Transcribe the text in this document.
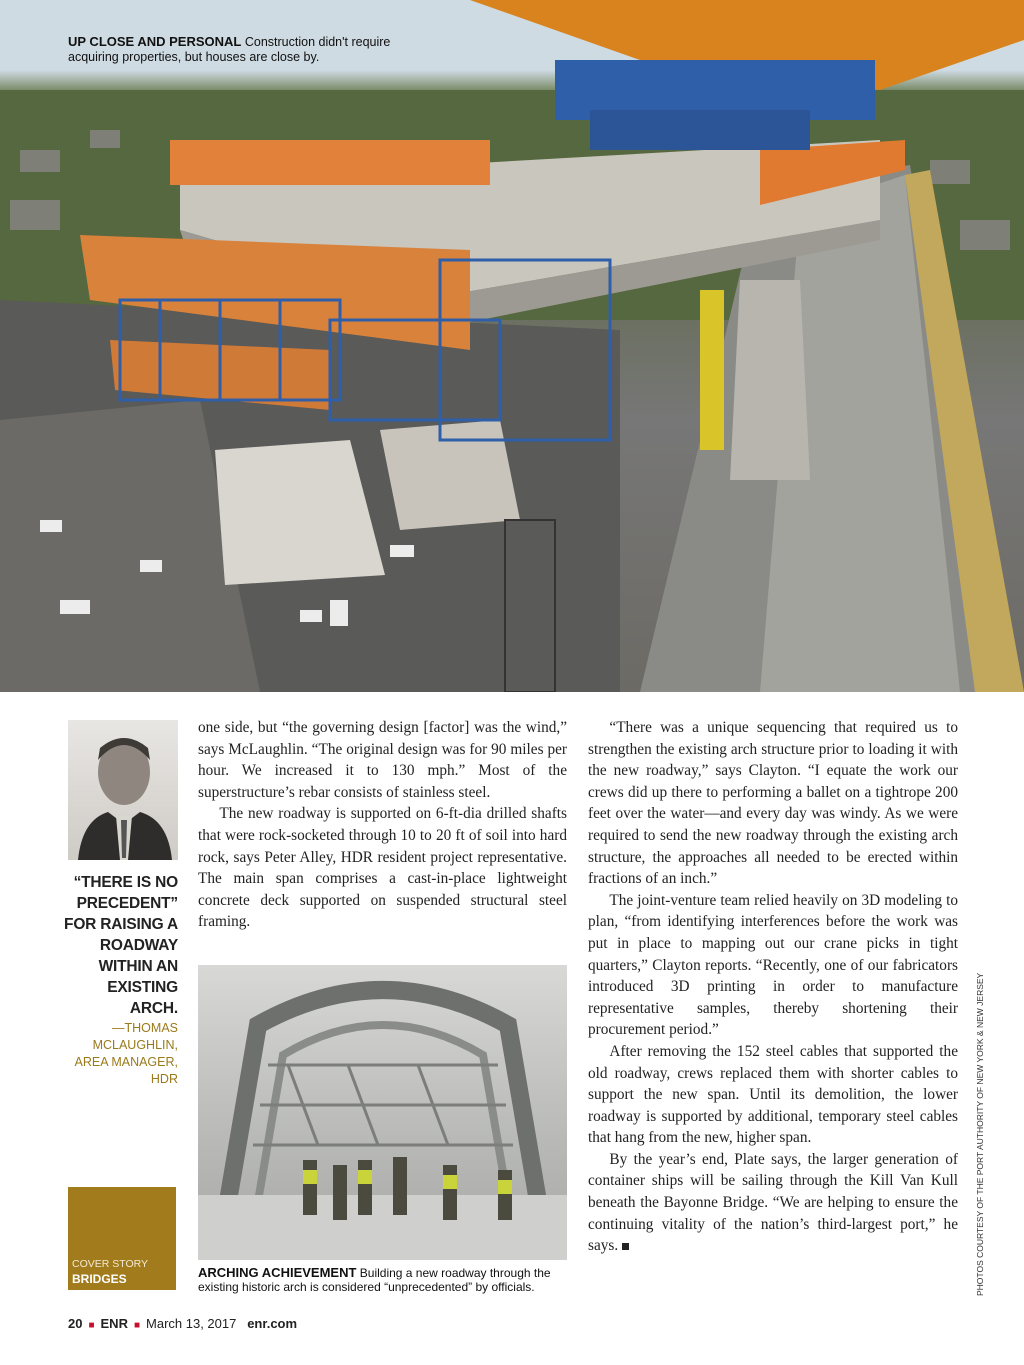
UP CLOSE AND PERSONAL Construction didn't require acquiring properties, but houses are close by.
“THERE IS NO PRECEDENT” FOR RAISING A ROADWAY WITHIN AN EXISTING ARCH.
—THOMAS MCLAUGHLIN, AREA MANAGER, HDR
COVER STORY
BRIDGES

one side, but “the governing design [factor] was the wind,” says McLaughlin. “The original design was for 90 miles per hour. We increased it to 130 mph.” Most of the superstructure’s rebar consists of stainless steel.

The new roadway is supported on 6-ft-dia drilled shafts that were rock-socketed through 10 to 20 ft of soil into hard rock, says Peter Alley, HDR resident project representative. The main span comprises a cast-in-place lightweight concrete deck supported on suspended structural steel framing.

ARCHING ACHIEVEMENT Building a new roadway through the existing historic arch is considered “unprecedented” by officials.

“There was a unique sequencing that required us to strengthen the existing arch structure prior to loading it with the new roadway,” says Clayton. “I equate the work our crews did up there to performing a ballet on a tightrope 200 feet over the water—and every day was windy. As we were required to send the new roadway through the existing arch structure, the approaches all needed to be erected within fractions of an inch.”

The joint-venture team relied heavily on 3D modeling to plan, “from identifying interferences before the work was put in place to mapping out our crane picks in tight quarters,” Clayton reports. “Recently, one of our fabricators introduced 3D printing in order to manufacture representative samples, thereby shortening their procurement period.”

After removing the 152 steel cables that supported the old roadway, crews replaced them with shorter cables to support the new span. Until its demolition, the lower roadway is supported by additional, temporary steel cables that hang from the new, higher span.

By the year’s end, Plate says, the larger generation of container ships will be sailing through the Kill Van Kull beneath the Bayonne Bridge. “We are helping to ensure the continuing vitality of the nation’s third-largest port,” he says.	PHOTOS COURTESY OF THE PORT AUTHORITY OF NEW YORK & NEW JERSEY
20 ■ ENR ■ March 13, 2017 enr.com
